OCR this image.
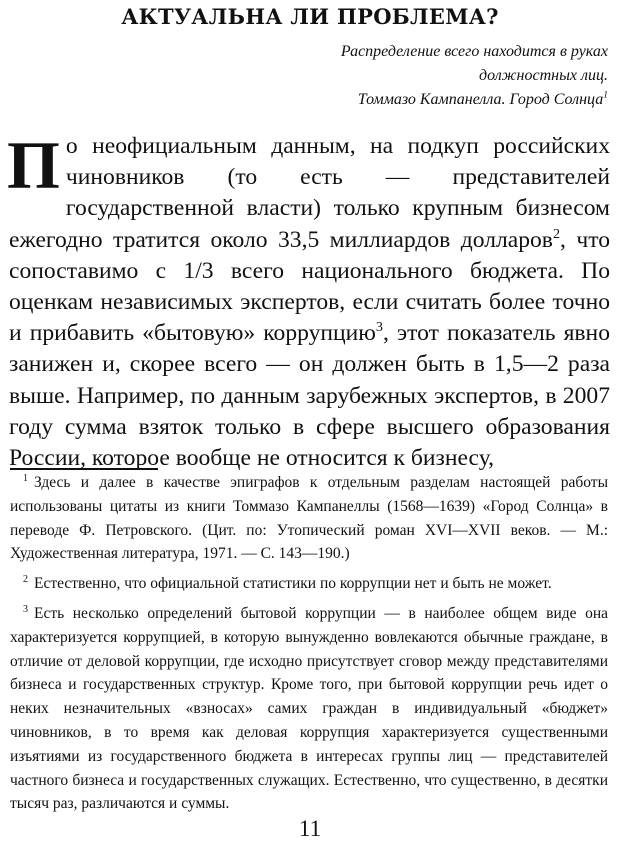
АКТУАЛЬНА ЛИ ПРОБЛЕМА?
Распределение всего находится в руках должностных лиц.
Томмазо Кампанелла. Город Солнца$^1$

По неофициальным данным, на подкуп российских чиновников (то есть — представителей государственной власти) только крупным бизнесом ежегодно тратится около 33,5 миллиардов долларов$^2$, что сопоставимо с 1/3 всего национального бюджета. По оценкам независимых экспертов, если считать более точно и прибавить «бытовую» коррупцию$^3$, этот показатель явно занижен и, скорее всего — он должен быть в 1,5—2 раза выше. Например, по данным зарубежных экспертов, в 2007 году сумма взяток только в сфере высшего образования России, которое вообще не относится к бизнесу,

$^1$ Здесь и далее в качестве эпиграфов к отдельным разделам настоящей работы использованы цитаты из книги Томмазо Кампанеллы (1568—1639) «Город Солнца» в переводе Ф. Петровского. (Цит. по: Утопический роман XVI—XVII веков. — М.: Художественная литература, 1971. — С. 143—190.)

$^2$ Естественно, что официальной статистики по коррупции нет и быть не может.

$^3$ Есть несколько определений бытовой коррупции — в наиболее общем виде она характеризуется коррупцией, в которую вынужденно вовлекаются обычные граждане, в отличие от деловой коррупции, где исходно присутствует сговор между представителями бизнеса и государственных структур. Кроме того, при бытовой коррупции речь идет о неких незначительных «взносах» самих граждан в индивидуальный «бюджет» чиновников, в то время как деловая коррупция характеризуется существенными изъятиями из государственного бюджета в интересах группы лиц — представителей частного бизнеса и государственных служащих. Естественно, что существенно, в десятки тысяч раз, различаются и суммы.

11
